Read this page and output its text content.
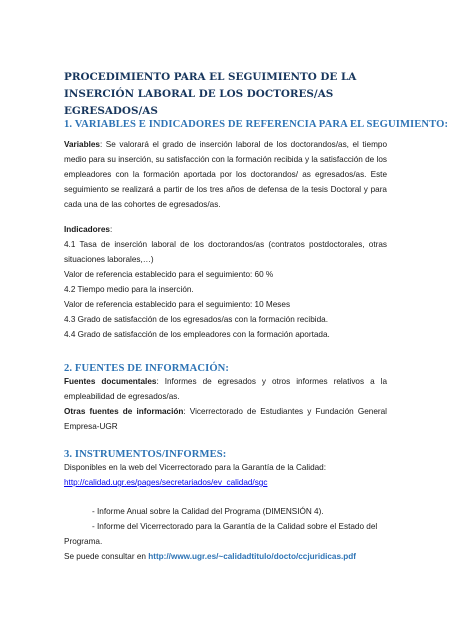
PROCEDIMIENTO PARA EL SEGUIMIENTO DE LA INSERCIÓN LABORAL DE LOS DOCTORES/AS EGRESADOS/AS
1. VARIABLES E INDICADORES DE REFERENCIA PARA EL SEGUIMIENTO:
Variables: Se valorará el grado de inserción laboral de los doctorandos/as, el tiempo medio para su inserción, su satisfacción con la formación recibida y la satisfacción de los empleadores con la formación aportada por los doctorandos/ as egresados/as. Este seguimiento se realizará a partir de los tres años de defensa de la tesis Doctoral y para cada una de las cohortes de egresados/as.
Indicadores:
4.1 Tasa de inserción laboral de los doctorandos/as (contratos postdoctorales, otras situaciones laborales,…)
Valor de referencia establecido para el seguimiento: 60 %
4.2 Tiempo medio para la inserción.
Valor de referencia establecido para el seguimiento: 10 Meses
4.3 Grado de satisfacción de los egresados/as con la formación recibida.
4.4 Grado de satisfacción de los empleadores con la formación aportada.
2. FUENTES DE INFORMACIÓN:
Fuentes documentales: Informes de egresados y otros informes relativos a la empleabilidad de egresados/as.
Otras fuentes de información: Vicerrectorado de Estudiantes y Fundación General Empresa-UGR
3. INSTRUMENTOS/INFORMES:
Disponibles en la web del Vicerrectorado para la Garantía de la Calidad:
http://calidad.ugr.es/pages/secretariados/ev_calidad/sgc
- Informe Anual sobre la Calidad del Programa (DIMENSIÓN 4).
- Informe del Vicerrectorado para la Garantía de la Calidad sobre el Estado del
Programa.
Se puede consultar en http://www.ugr.es/~calidadtitulo/docto/ccjuridicas.pdf
